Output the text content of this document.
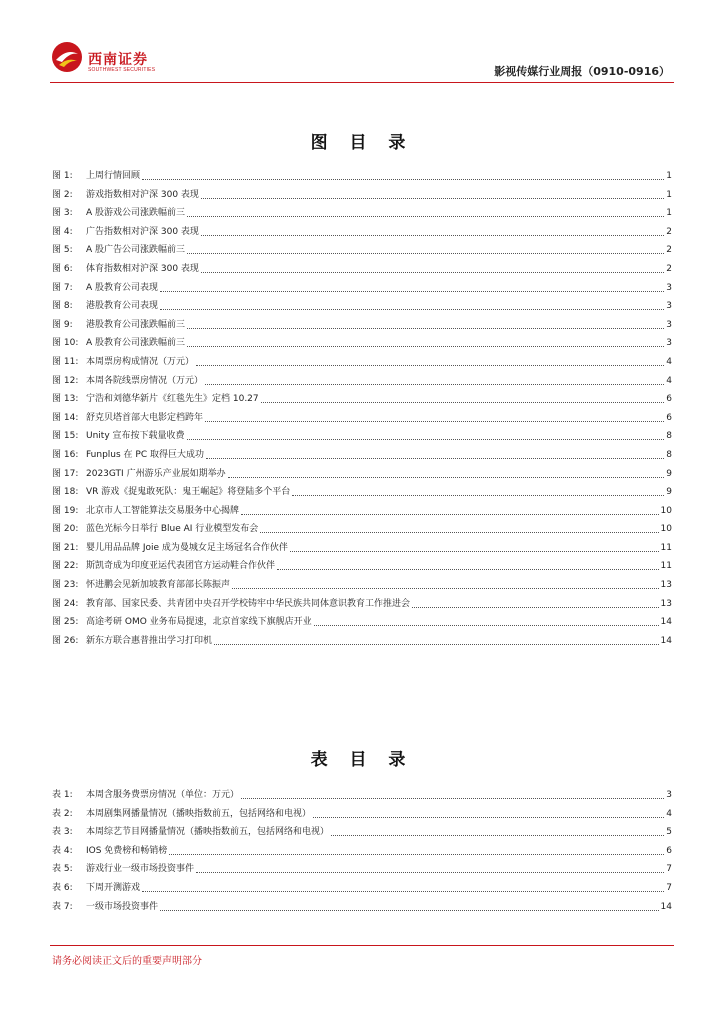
西南证券
SOUTHWEST SECURITIES	影视传媒行业周报（0910-0916）
图 目 录
图 1: 上周行情回顾	1
图 2: 游戏指数相对沪深 300 表现	1
图 3: A 股游戏公司涨跌幅前三	1
图 4: 广告指数相对沪深 300 表现	2
图 5: A 股广告公司涨跌幅前三	2
图 6: 体育指数相对沪深 300 表现	2
图 7: A 股教育公司表现	3
图 8: 港股教育公司表现	3
图 9: 港股教育公司涨跌幅前三	3
图 10: A 股教育公司涨跌幅前三	3
图 11: 本周票房构成情况（万元）	4
图 12: 本周各院线票房情况（万元）	4
图 13: 宁浩和刘德华新片《红毯先生》定档 10.27	6
图 14: 舒克贝塔首部大电影定档跨年	6
图 15: Unity 宣布按下载量收费	8
图 16: Funplus 在 PC 取得巨大成功	8
图 17: 2023GTI 广州游乐产业展如期举办	9
图 18: VR 游戏《捉鬼敢死队：鬼王崛起》将登陆多个平台	9
图 19: 北京市人工智能算法交易服务中心揭牌	10
图 20: 蓝色光标今日举行 Blue AI 行业模型发布会	10
图 21: 婴儿用品品牌 Joie 成为曼城女足主场冠名合作伙伴	11
图 22: 斯凯奇成为印度亚运代表团官方运动鞋合作伙伴	11
图 23: 怀进鹏会见新加坡教育部部长陈振声	13
图 24: 教育部、国家民委、共青团中央召开学校铸牢中华民族共同体意识教育工作推进会	13
图 25: 高途考研 OMO 业务布局提速，北京首家线下旗舰店开业	14
图 26: 新东方联合惠普推出学习打印机	14
表 目 录
表 1: 本周含服务费票房情况（单位：万元）	3
表 2: 本周剧集网播量情况（播映指数前五，包括网络和电视）	4
表 3: 本周综艺节目网播量情况（播映指数前五，包括网络和电视）	5
表 4: IOS 免费榜和畅销榜	6
表 5: 游戏行业一级市场投资事件	7
表 6: 下周开测游戏	7
表 7: 一级市场投资事件	14
请务必阅读正文后的重要声明部分
